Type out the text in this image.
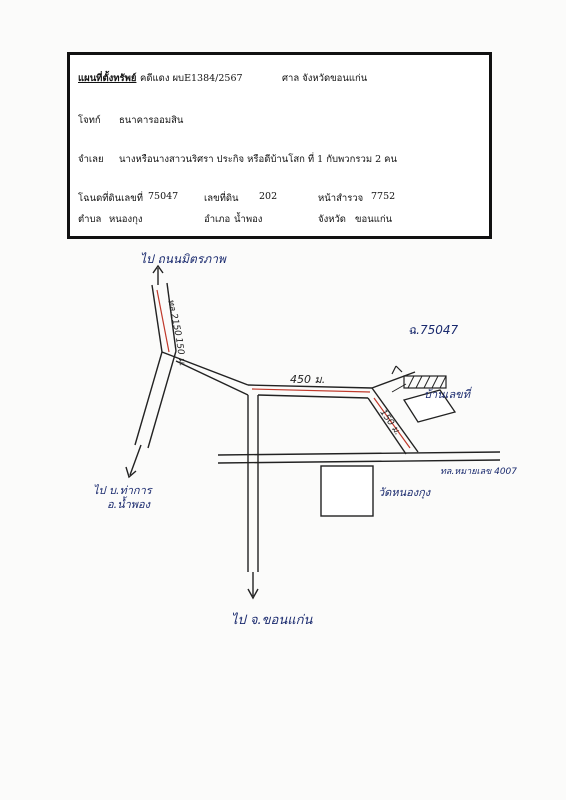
แผนที่ตั้งทรัพย์ คดีแดง ผบE1384/2567	ศาล จังหวัดขอนแก่น
โจทก์ ธนาคารออมสิน
จำเลย นางหรือนางสาวนริศรา ประกิจ หรือดีบ้านโสก ที่ 1 กับพวกรวม 2 คน
โฉนดที่ดินเลขที่ 75047	เลขที่ดิน 202	หน้าสำรวจ 7752
ตำบล หนองกุง	อำเภอ น้ำพอง	จังหวัด ขอนแก่น
ไป ถนนมิตรภาพ
ทล.2150
150 ม.
450 ม.
150 ม.
ฉ.75047
บ้านเลขที่
ทล.หมายเลข 4007
วัดหนองกุง
ไป บ.ท่าการอ.น้ำพอง
ไป จ.ขอนแก่น
